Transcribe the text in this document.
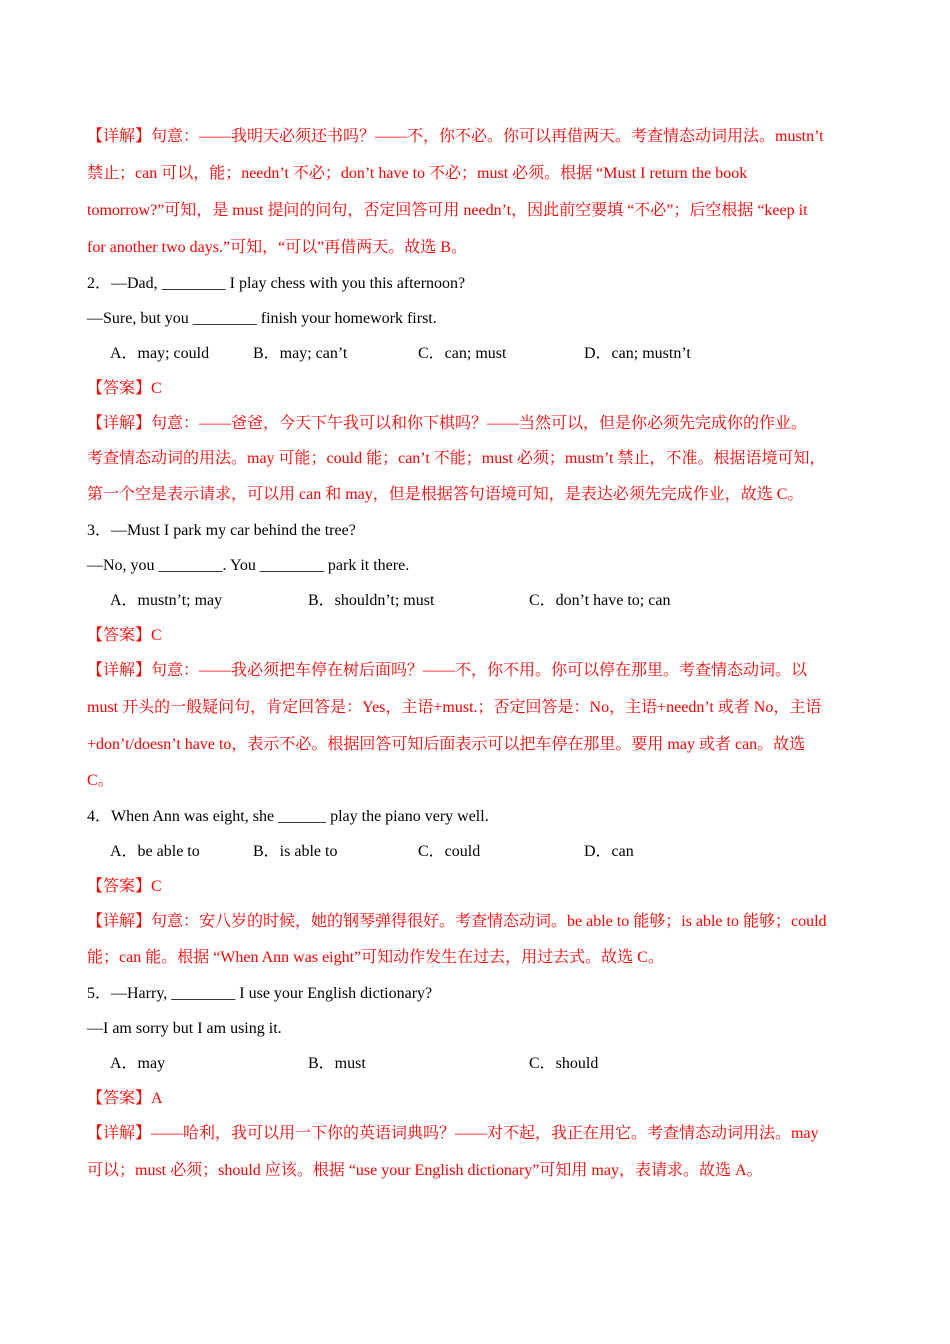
【详解】句意：——我明天必须还书吗？——不，你不必。你可以再借两天。考查情态动词用法。mustn’t
禁止；can 可以，能；needn’t 不必；don’t have to 不必；must 必须。根据 “Must I return the book
tomorrow?”可知，是 must 提问的问句，否定回答可用 needn’t，因此前空要填 “不必”；后空根据 “keep it
for another two days.”可知，“可以”再借两天。故选 B。
2．—Dad, ________ I play chess with you this afternoon?
—Sure, but you ________ finish your homework first.
A．may; could	B．may; can’t	C．can; must	D．can; mustn’t
【答案】C
【详解】句意：——爸爸，今天下午我可以和你下棋吗？——当然可以，但是你必须先完成你的作业。
考查情态动词的用法。may 可能；could 能；can’t 不能；must 必须；mustn’t 禁止，不准。根据语境可知，
第一个空是表示请求，可以用 can 和 may，但是根据答句语境可知，是表达必须先完成作业，故选 C。
3．—Must I park my car behind the tree?
—No, you ________. You ________ park it there.
A．mustn’t; may	B．shouldn’t; must	C．don’t have to; can
【答案】C
【详解】句意：——我必须把车停在树后面吗？——不，你不用。你可以停在那里。考查情态动词。以
must 开头的一般疑问句，肯定回答是：Yes，主语+must.；否定回答是：No，主语+needn’t 或者 No，主语
+don’t/doesn’t have to，表示不必。根据回答可知后面表示可以把车停在那里。要用 may 或者 can。故选
C。
4．When Ann was eight, she ______ play the piano very well.
A．be able to	B．is able to	C．could	D．can
【答案】C
【详解】句意：安八岁的时候，她的钢琴弹得很好。考查情态动词。be able to 能够；is able to 能够；could
能；can 能。根据 “When Ann was eight”可知动作发生在过去，用过去式。故选 C。
5．—Harry, ________ I use your English dictionary?
—I am sorry but I am using it.
A．may	B．must	C．should
【答案】A
【详解】——哈利，我可以用一下你的英语词典吗？——对不起，我正在用它。考查情态动词用法。may
可以；must 必须；should 应该。根据 “use your English dictionary”可知用 may，表请求。故选 A。
